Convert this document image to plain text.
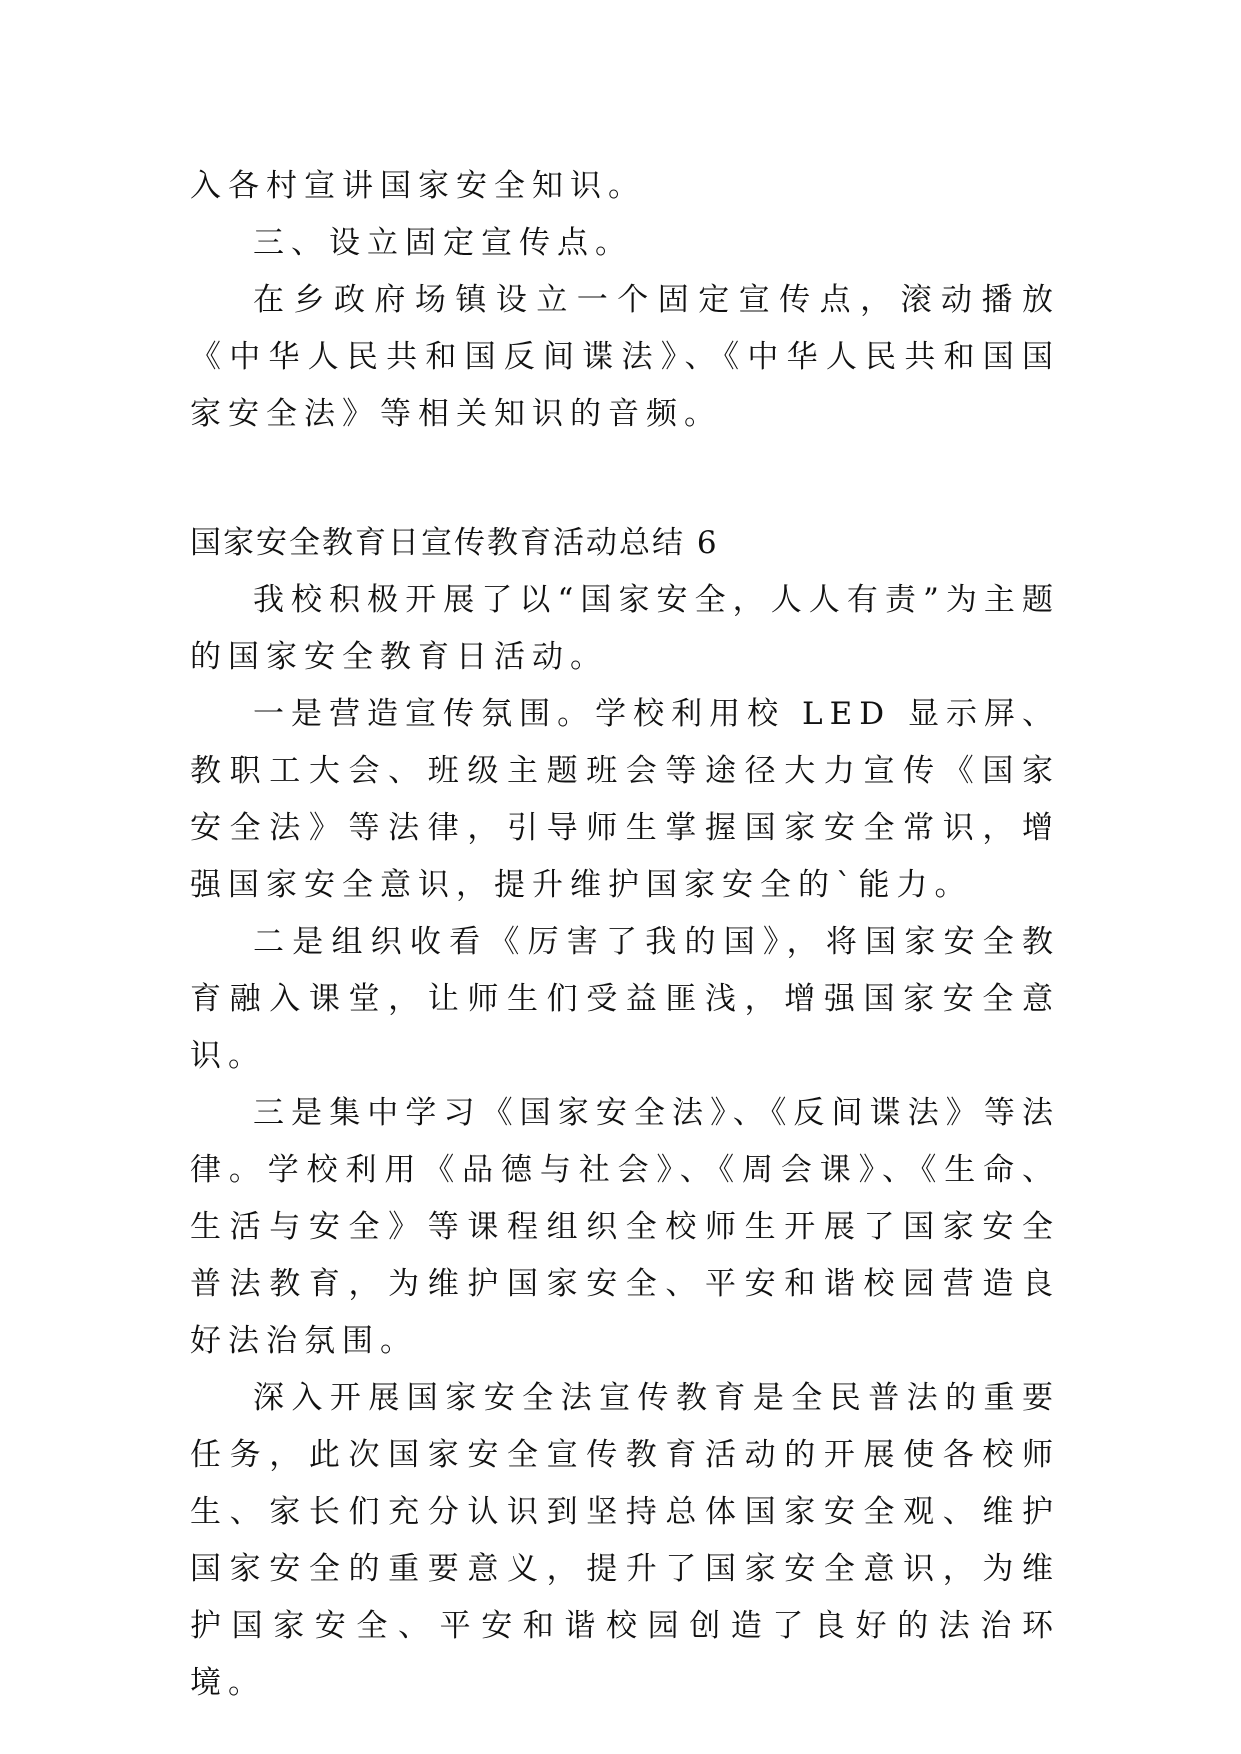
入各村宣讲国家安全知识。

三、设立固定宣传点。

在乡政府场镇设立一个固定宣传点，滚动播放《中华人民共和国反间谍法》、《中华人民共和国国家安全法》等相关知识的音频。

国家安全教育日宣传教育活动总结 6

我校积极开展了以“国家安全，人人有责”为主题的国家安全教育日活动。

一是营造宣传氛围。学校利用校 LED 显示屏、教职工大会、班级主题班会等途径大力宣传《国家安全法》等法律，引导师生掌握国家安全常识，增强国家安全意识，提升维护国家安全的`能力。

二是组织收看《厉害了我的国》，将国家安全教育融入课堂，让师生们受益匪浅，增强国家安全意识。

三是集中学习《国家安全法》、《反间谍法》等法律。学校利用《品德与社会》、《周会课》、《生命、生活与安全》等课程组织全校师生开展了国家安全普法教育，为维护国家安全、平安和谐校园营造良好法治氛围。

深入开展国家安全法宣传教育是全民普法的重要任务，此次国家安全宣传教育活动的开展使各校师生、家长们充分认识到坚持总体国家安全观、维护国家安全的重要意义，提升了国家安全意识，为维护国家安全、平安和谐校园创造了良好的法治环境。
